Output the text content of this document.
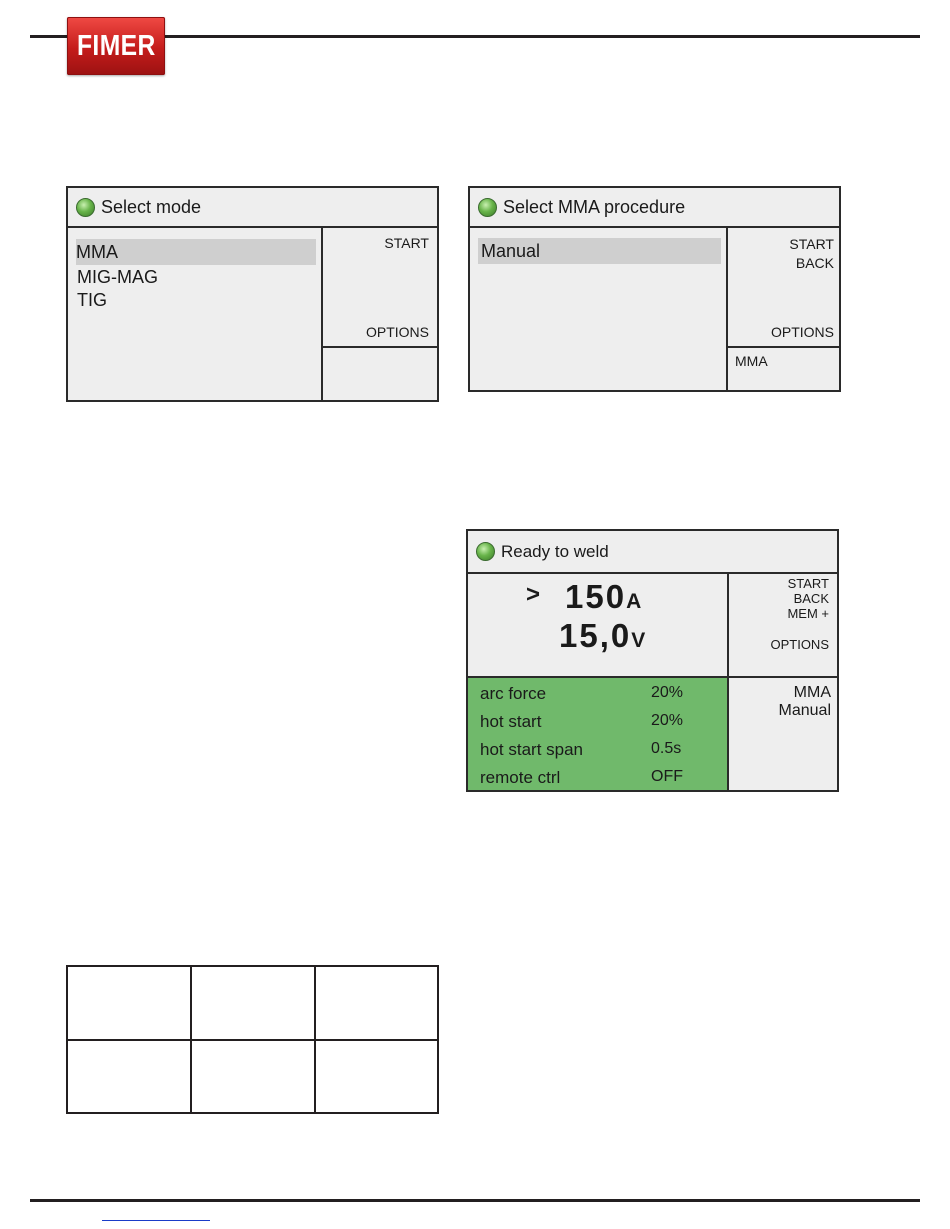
FIMER
Select mode
MMA
MIG-MAG
TIG
START
OPTIONS
Select MMA procedure
Manual	START
BACK
OPTIONS
MMA
Ready to weld
> 150A
15,0V
START
BACK
MEM +
OPTIONS
MMA
Manual
arc force	20%
hot start	20%
hot start span	0.5s
remote ctrl	OFF
